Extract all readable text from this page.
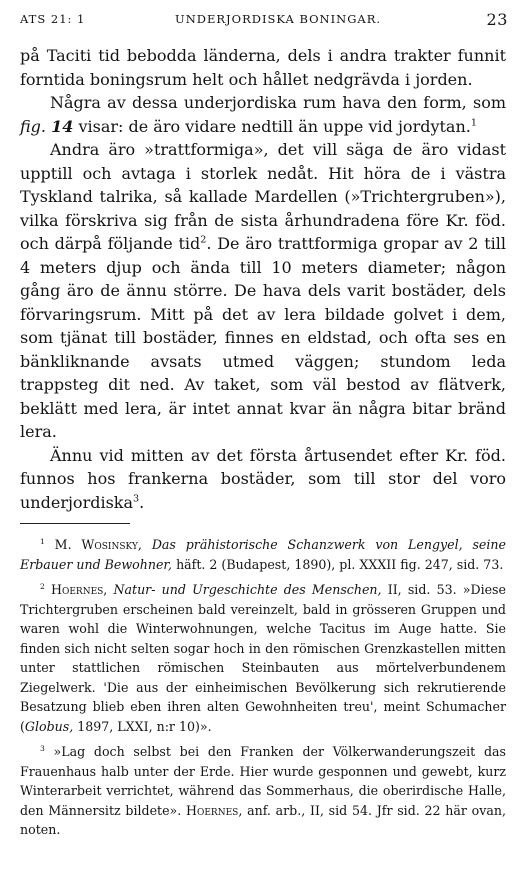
ATS 21: 1	UNDERJORDISKA BONINGAR.	23

på Taciti tid bebodda länderna, dels i andra trakter funnit forntida boningsrum helt och hållet nedgrävda i jorden.

Några av dessa underjordiska rum hava den form, som fig. 14 visar: de äro vidare nedtill än uppe vid jordytan.$^1$

Andra äro »trattformiga», det vill säga de äro vidast upptill och avtaga i storlek nedåt. Hit höra de i västra Tyskland talrika, så kallade Mardellen (»Trichtergruben»), vilka förskriva sig från de sista århundradena före Kr. föd. och därpå följande tid$^2$. De äro trattformiga gropar av 2 till 4 meters djup och ända till 10 meters diameter; någon gång äro de ännu större. De hava dels varit bostäder, dels förvaringsrum. Mitt på det av lera bildade golvet i dem, som tjänat till bostäder, finnes en eldstad, och ofta ses en bänkliknande avsats utmed väggen; stundom leda trappsteg dit ned. Av taket, som väl bestod av flätverk, beklätt med lera, är intet annat kvar än några bitar bränd lera.

Ännu vid mitten av det första årtusendet efter Kr. föd. funnos hos frankerna bostäder, som till stor del voro underjordiska$^3$.

$^1$ M. Wosinsky, Das prähistorische Schanzwerk von Lengyel, seine Erbauer und Bewohner, häft. 2 (Budapest, 1890), pl. XXXII fig. 247, sid. 73.

$^2$ Hoernes, Natur- und Urgeschichte des Menschen, II, sid. 53. »Diese Trichtergruben erscheinen bald vereinzelt, bald in grösseren Gruppen und waren wohl die Winterwohnungen, welche Tacitus im Auge hatte. Sie finden sich nicht selten sogar hoch in den römischen Grenzkastellen mitten unter stattlichen römischen Steinbauten aus mörtelverbundenem Ziegelwerk. 'Die aus der einheimischen Bevölkerung sich rekrutierende Besatzung blieb eben ihren alten Gewohnheiten treu', meint Schumacher (Globus, 1897, LXXI, n:r 10)».

$^3$ »Lag doch selbst bei den Franken der Völkerwanderungszeit das Frauenhaus halb unter der Erde. Hier wurde gesponnen und gewebt, kurz Winterarbeit verrichtet, während das Sommerhaus, die oberirdische Halle, den Männersitz bildete». Hoernes, anf. arb., II, sid 54. Jfr sid. 22 här ovan, noten.
